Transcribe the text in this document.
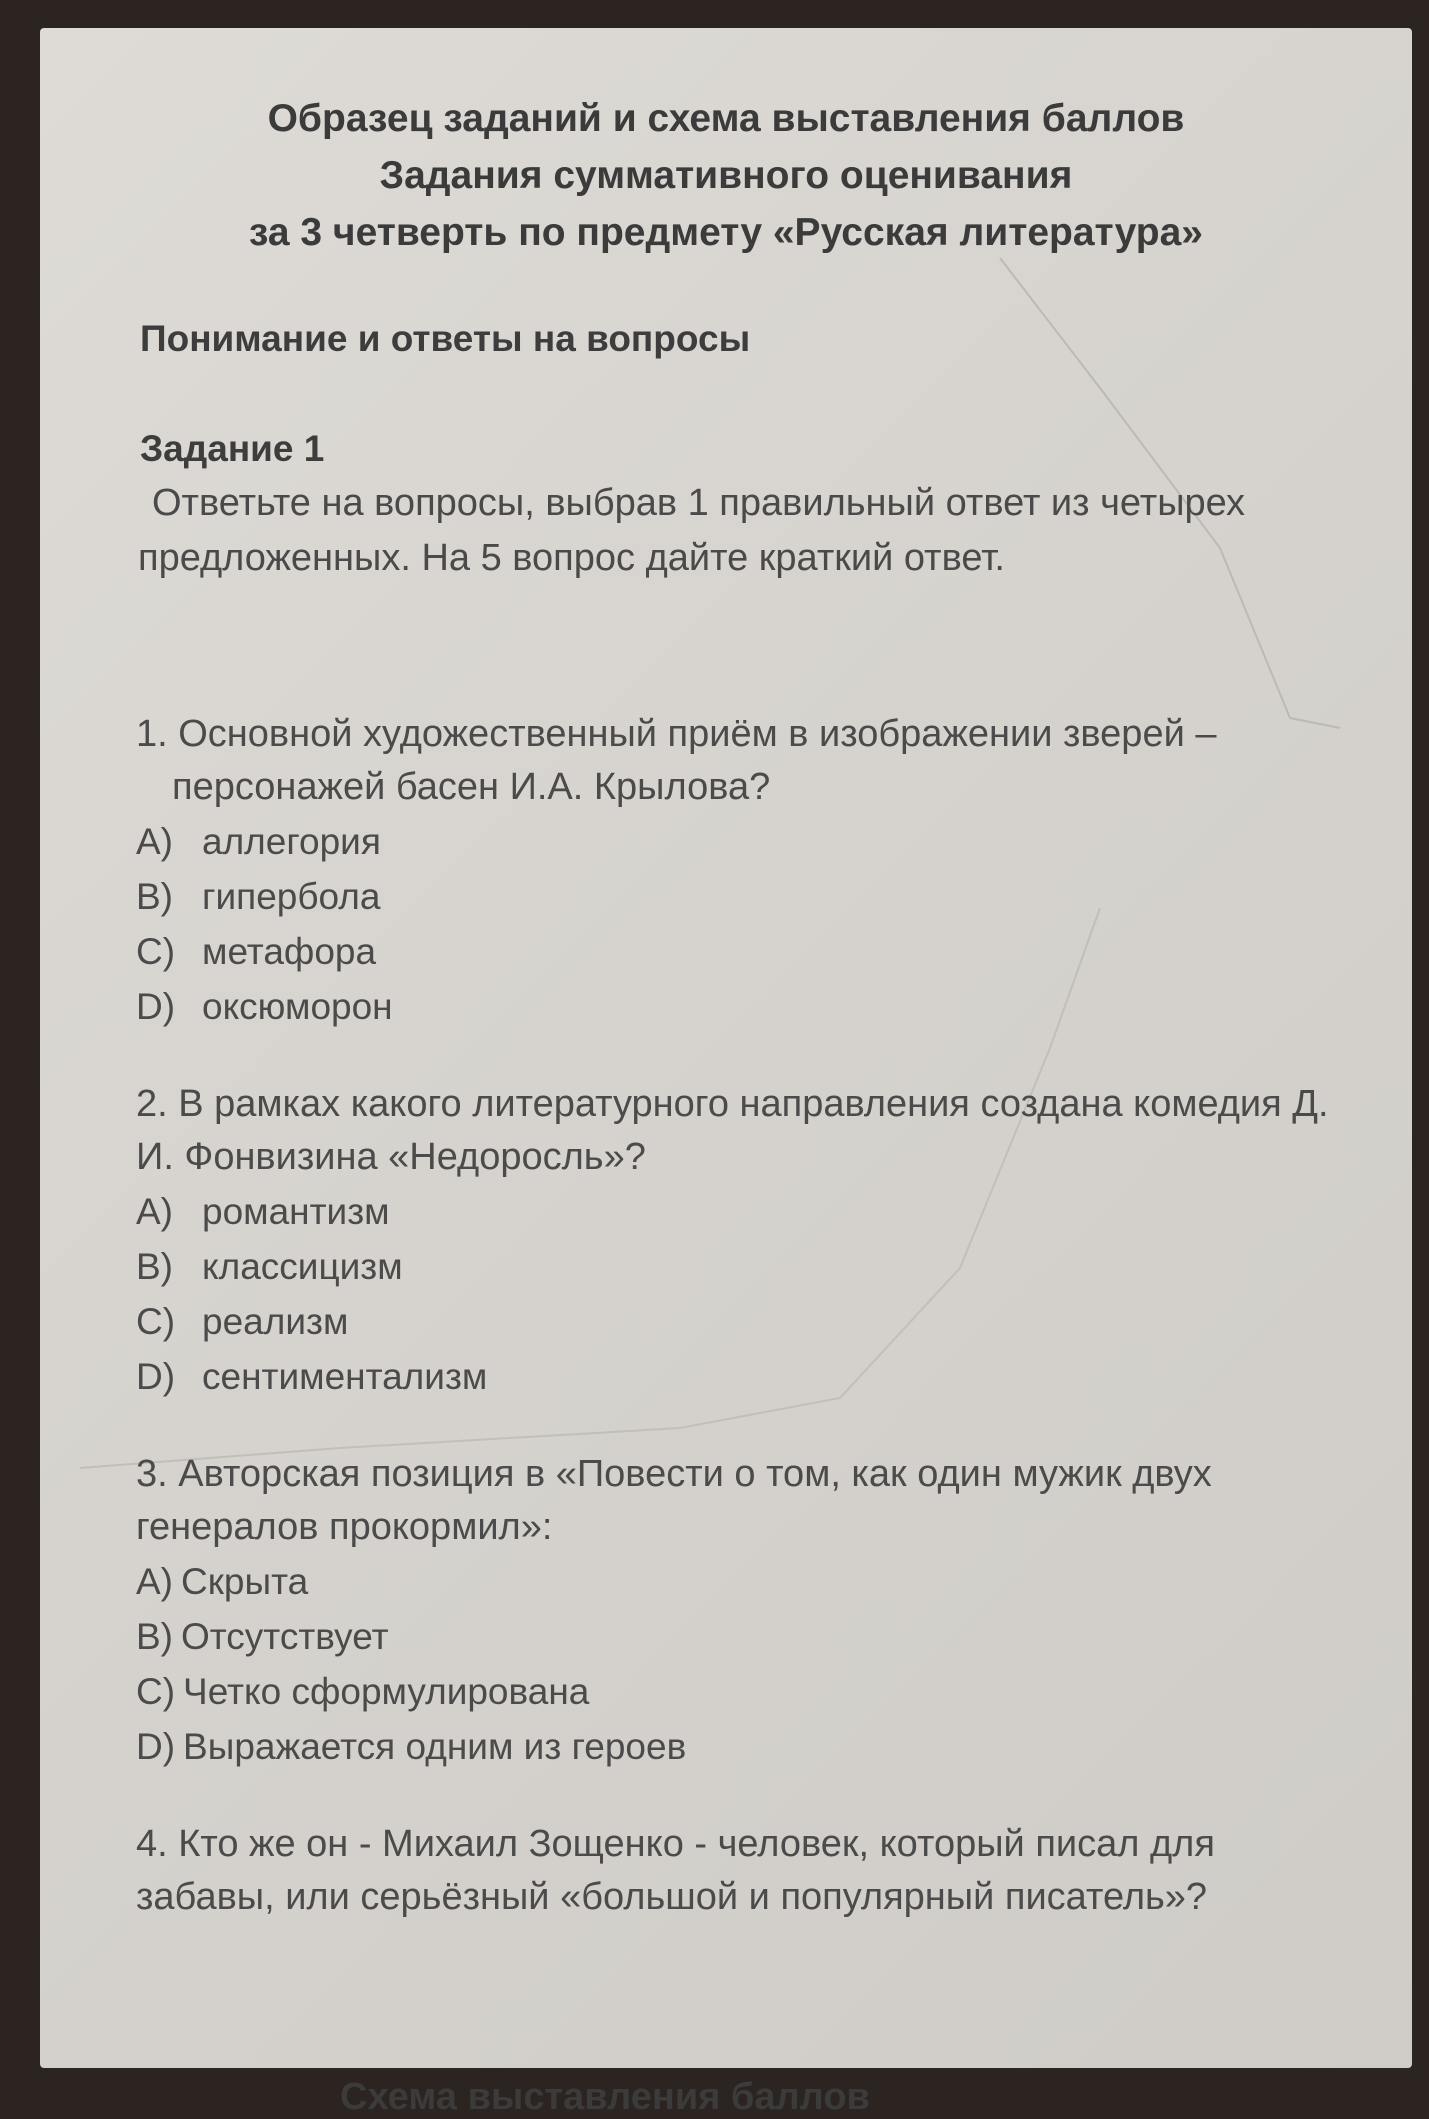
Образец заданий и схема выставления баллов
Задания суммативного оценивания
за 3 четверть по предмету «Русская литература»
Понимание и ответы на вопросы
Задание 1
Ответьте на вопросы, выбрав 1 правильный ответ из четырех предложенных. На 5 вопрос дайте краткий ответ.

1. Основной художественный приём в изображении зверей – персонажей басен И.А. Крылова?

A) аллегория
B) гипербола
C) метафора
D) оксюморон

2. В рамках какого литературного направления создана комедия Д. И. Фонвизина «Недоросль»?

A) романтизм
B) классицизм
C) реализм
D) сентиментализм

3. Авторская позиция в «Повести о том, как один мужик двух генералов прокормил»:

A) Скрыта
B) Отсутствует
C) Четко сформулирована
D) Выражается одним из героев

4. Кто же он - Михаил Зощенко - человек, который писал для забавы, или серьёзный «большой и популярный писатель»?

Схема выставления баллов
